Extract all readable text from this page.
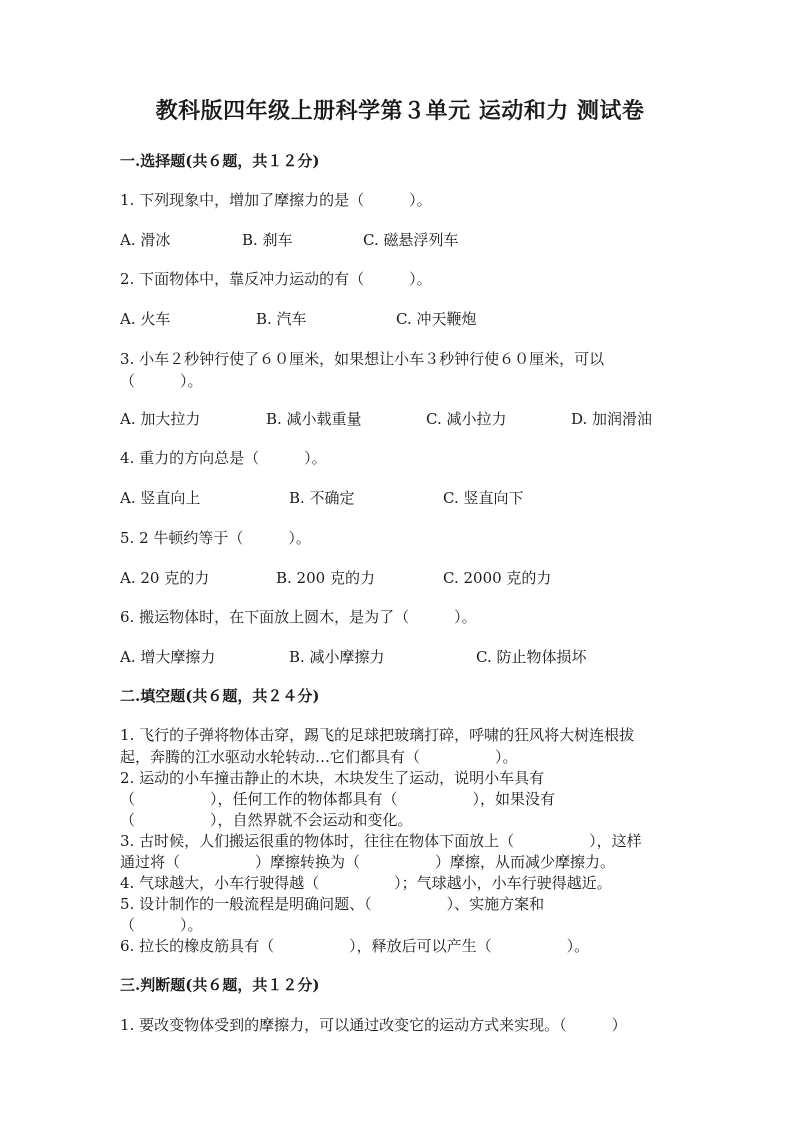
教科版四年级上册科学第３单元 运动和力 测试卷
一.选择题(共６题，共１２分)
1. 下列现象中，增加了摩擦力的是（　　　）。
A. 滑冰	B. 刹车	C. 磁悬浮列车
2. 下面物体中，靠反冲力运动的有（　　　）。
A. 火车	B. 汽车	C. 冲天鞭炮
3. 小车２秒钟行使了６０厘米，如果想让小车３秒钟行使６０厘米，可以
（　　　）。
A. 加大拉力	B. 减小载重量	C. 减小拉力	D. 加润滑油
4. 重力的方向总是（　　　）。
A. 竖直向上	B. 不确定	C. 竖直向下
5. 2 牛顿约等于（　　　）。
A. 20 克的力	B. 200 克的力	C. 2000 克的力
6. 搬运物体时，在下面放上圆木，是为了（　　　）。
A. 增大摩擦力	B. 减小摩擦力	C. 防止物体损坏
二.填空题(共６题，共２４分)
1. 飞行的子弹将物体击穿，踢飞的足球把玻璃打碎，呼啸的狂风将大树连根拔
起，奔腾的江水驱动水轮转动…它们都具有（　　　　　）。
2. 运动的小车撞击静止的木块，木块发生了运动，说明小车具有
（　　　　　），任何工作的物体都具有（　　　　　），如果没有
（　　　　　），自然界就不会运动和变化。
3. 古时候，人们搬运很重的物体时，往往在物体下面放上（　　　　　），这样
通过将（　　　　　）摩擦转换为（　　　　　）摩擦，从而减少摩擦力。
4. 气球越大，小车行驶得越（　　　　　）；气球越小，小车行驶得越近。
5. 设计制作的一般流程是明确问题、（　　　　　）、实施方案和
（　　　）。
6. 拉长的橡皮筋具有（　　　　　），释放后可以产生（　　　　　）。
三.判断题(共６题，共１２分)
1. 要改变物体受到的摩擦力，可以通过改变它的运动方式来实现。（　　　）
